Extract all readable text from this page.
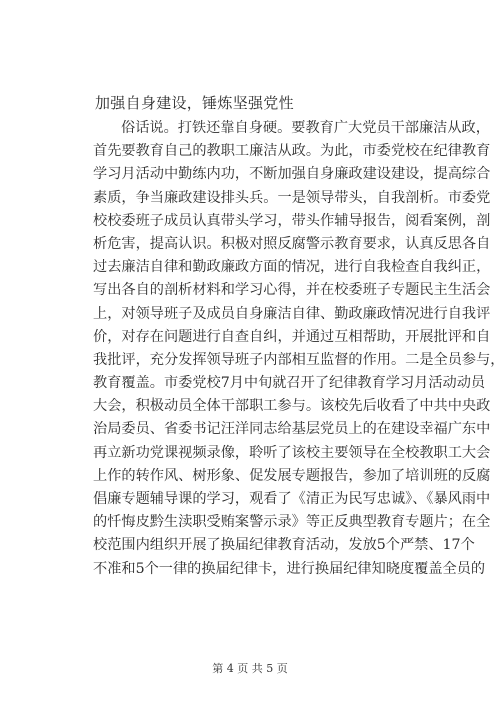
加强自身建设，锤炼坚强党性
俗话说。打铁还靠自身硬。要教育广大党员干部廉洁从政，
首先要教育自己的教职工廉洁从政。为此，市委党校在纪律教育
学习月活动中勤练内功，不断加强自身廉政建设建设，提高综合
素质，争当廉政建设排头兵。一是领导带头，自我剖析。市委党
校校委班子成员认真带头学习，带头作辅导报告，阅看案例，剖
析危害，提高认识。积极对照反腐警示教育要求，认真反思各自
过去廉洁自律和勤政廉政方面的情况，进行自我检查自我纠正，
写出各自的剖析材料和学习心得，并在校委班子专题民主生活会
上，对领导班子及成员自身廉洁自律、勤政廉政情况进行自我评
价，对存在问题进行自查自纠，并通过互相帮助，开展批评和自
我批评，充分发挥领导班子内部相互监督的作用。二是全员参与，
教育覆盖。市委党校7月中旬就召开了纪律教育学习月活动动员
大会，积极动员全体干部职工参与。该校先后收看了中共中央政
治局委员、省委书记汪洋同志给基层党员上的在建设幸福广东中
再立新功党课视频录像，聆听了该校主要领导在全校教职工大会
上作的转作风、树形象、促发展专题报告，参加了培训班的反腐
倡廉专题辅导课的学习，观看了《清正为民写忠诚》、《暴风雨中
的忏悔皮黔生渎职受贿案警示录》等正反典型教育专题片；在全
校范围内组织开展了换届纪律教育活动，发放5个严禁、17个
不准和5个一律的换届纪律卡，进行换届纪律知晓度覆盖全员的
第 4 页 共 5 页
